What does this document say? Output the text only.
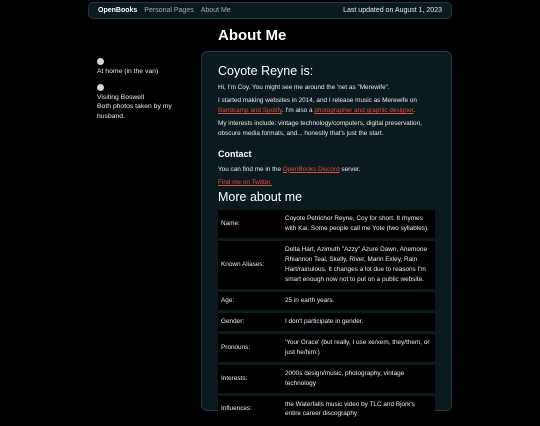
OpenBooks Personal Pages About Me	Last updated on August 1, 2023

At home (in the van)

Visiting Boswell

Both photos taken by my husband.

About Me
Coyote Reyne is:

Hi, I'm Coy. You might see me around the 'net as "Merewife".

I started making websites in 2014, and I release music as Merewife on Bandcamp and Spotify. I'm also a photographer and graphic designer.

My interests include: vintage technology/computers, digital preservation, obscure media formats, and... honestly that's just the start.

Contact

You can find me in the OpenBooks Discord server.

Find me on Twitter.

More about me
Name:	Coyote Petrichor Reyne, Coy for short. It rhymes with Kai. Some people call me Yote (two syllables).
Known Aliases:	Delta Hart, Azimuth "Azzy" Azure Dawn, Anemone Rhiannon Teal, Skelly, River, Marin Exley, Rain Hart/rainulous. It changes a lot due to reasons I'm smart enough now not to put on a public website.
Age:	25 in earth years.
Gender:	I don't participate in gender.
Pronouns:	'Your Grace' (but really, I use xe/xem, they/them, or just he/him.)
Interests:	2000s design/music, photography, vintage technology
Influences:	the Waterfalls music video by TLC and Bjork's entire career discography
